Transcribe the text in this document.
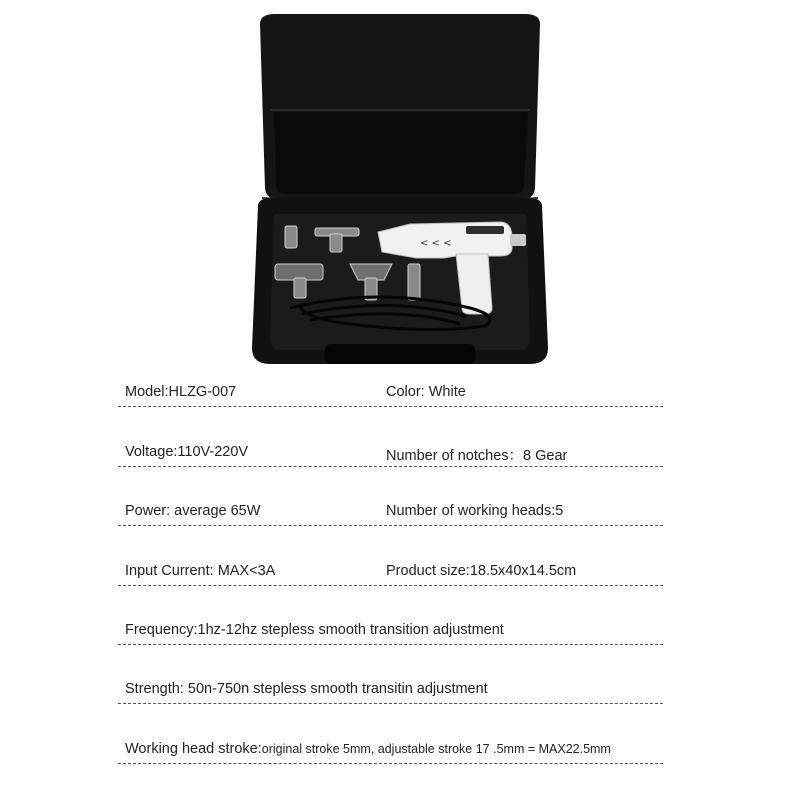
< < <
Model:HLZG-007	Color: White
Voltage:110V-220V	Number of notches：8 Gear
Power: average 65W	Number of working heads:5
Input Current: MAX<3A	Product size:18.5x40x14.5cm
Frequency:1hz-12hz stepless smooth transition adjustment
Strength: 50n-750n stepless smooth transitin adjustment
Working head stroke:original stroke 5mm, adjustable stroke 17 .5mm = MAX22.5mm
